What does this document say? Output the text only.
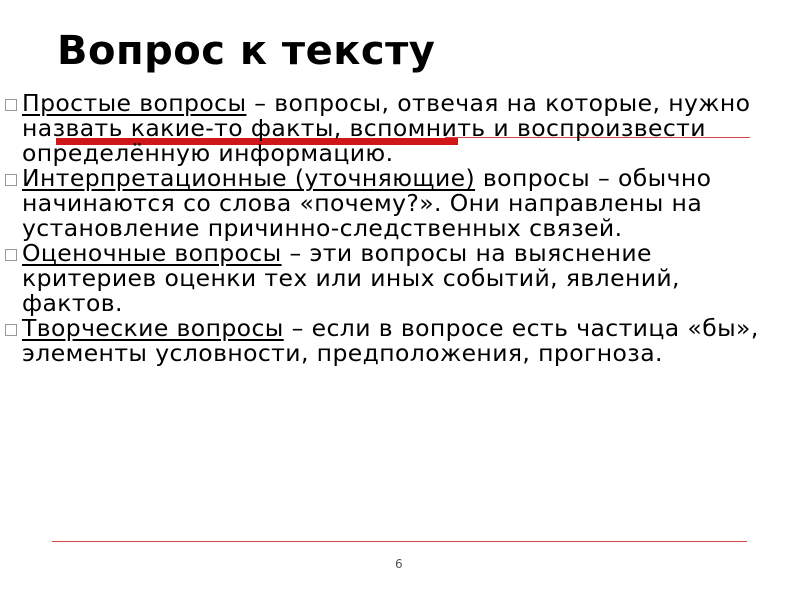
Вопрос к тексту

Простые вопросы – вопросы, отвечая на которые, нужно назвать какие-то факты, вспомнить и воспроизвести определённую информацию.

Интерпретационные (уточняющие) вопросы – обычно начинаются со слова «почему?». Они направлены на установление причинно-следственных связей.

Оценочные вопросы – эти вопросы на выяснение критериев оценки тех или иных событий, явлений, фактов.

Творческие вопросы – если в вопросе есть частица «бы», элементы условности, предположения, прогноза.

6
